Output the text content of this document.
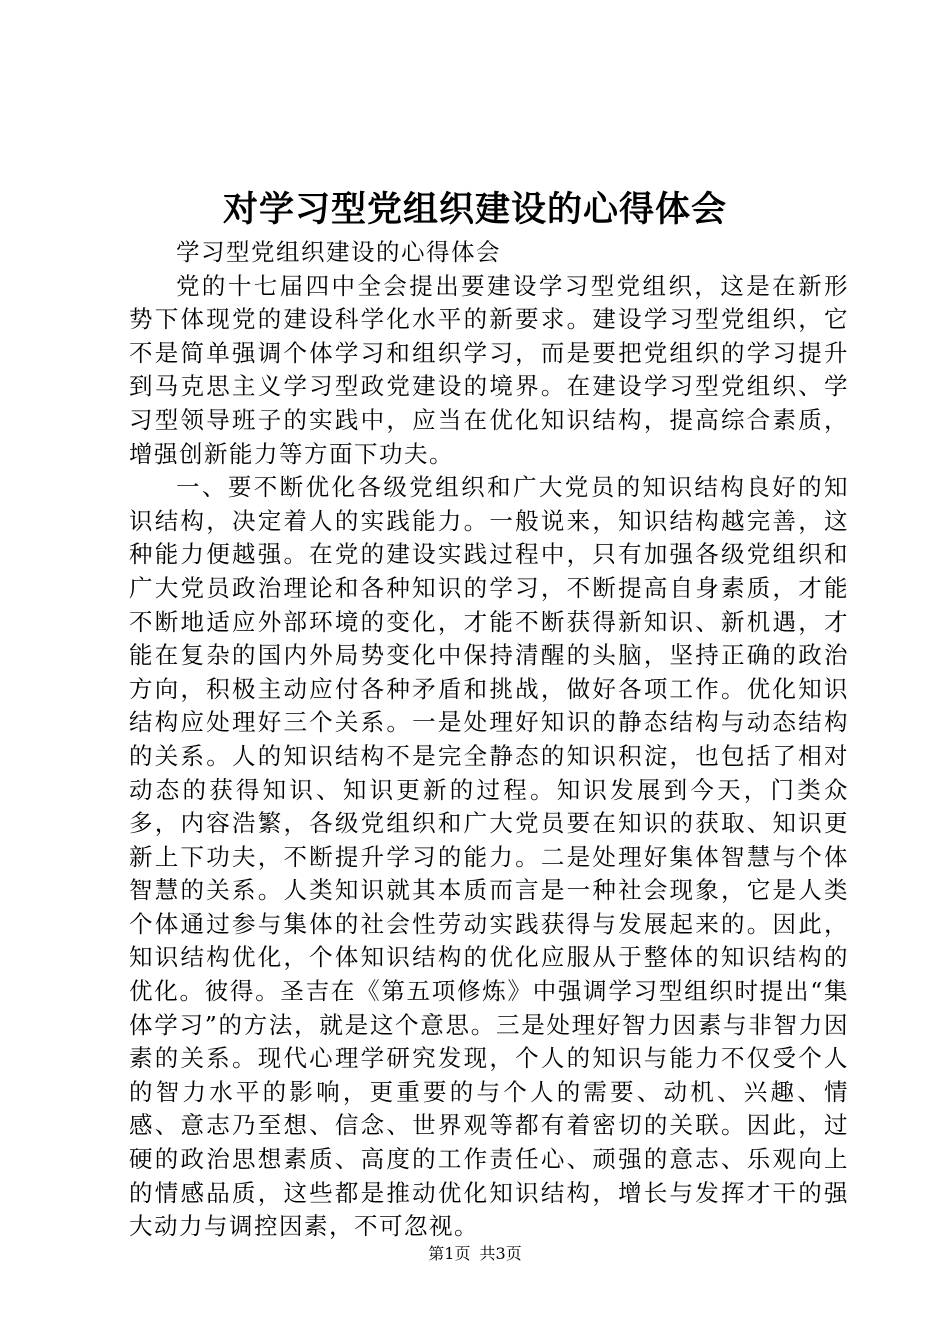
对学习型党组织建设的心得体会

学习型党组织建设的心得体会

党的十七届四中全会提出要建设学习型党组织，这是在新形势下体现党的建设科学化水平的新要求。建设学习型党组织，它不是简单强调个体学习和组织学习，而是要把党组织的学习提升到马克思主义学习型政党建设的境界。在建设学习型党组织、学习型领导班子的实践中，应当在优化知识结构，提高综合素质，增强创新能力等方面下功夫。

一、要不断优化各级党组织和广大党员的知识结构良好的知识结构，决定着人的实践能力。一般说来，知识结构越完善，这种能力便越强。在党的建设实践过程中，只有加强各级党组织和广大党员政治理论和各种知识的学习，不断提高自身素质，才能不断地适应外部环境的变化，才能不断获得新知识、新机遇，才能在复杂的国内外局势变化中保持清醒的头脑，坚持正确的政治方向，积极主动应付各种矛盾和挑战，做好各项工作。优化知识结构应处理好三个关系。一是处理好知识的静态结构与动态结构的关系。人的知识结构不是完全静态的知识积淀，也包括了相对动态的获得知识、知识更新的过程。知识发展到今天，门类众多，内容浩繁，各级党组织和广大党员要在知识的获取、知识更新上下功夫，不断提升学习的能力。二是处理好集体智慧与个体智慧的关系。人类知识就其本质而言是一种社会现象，它是人类个体通过参与集体的社会性劳动实践获得与发展起来的。因此，知识结构优化，个体知识结构的优化应服从于整体的知识结构的优化。彼得。圣吉在《第五项修炼》中强调学习型组织时提出“集体学习”的方法，就是这个意思。三是处理好智力因素与非智力因素的关系。现代心理学研究发现，个人的知识与能力不仅受个人的智力水平的影响，更重要的与个人的需要、动机、兴趣、情感、意志乃至想、信念、世界观等都有着密切的关联。因此，过硬的政治思想素质、高度的工作责任心、顽强的意志、乐观向上的情感品质，这些都是推动优化知识结构，增长与发挥才干的强大动力与调控因素，不可忽视。

第1页 共3页
